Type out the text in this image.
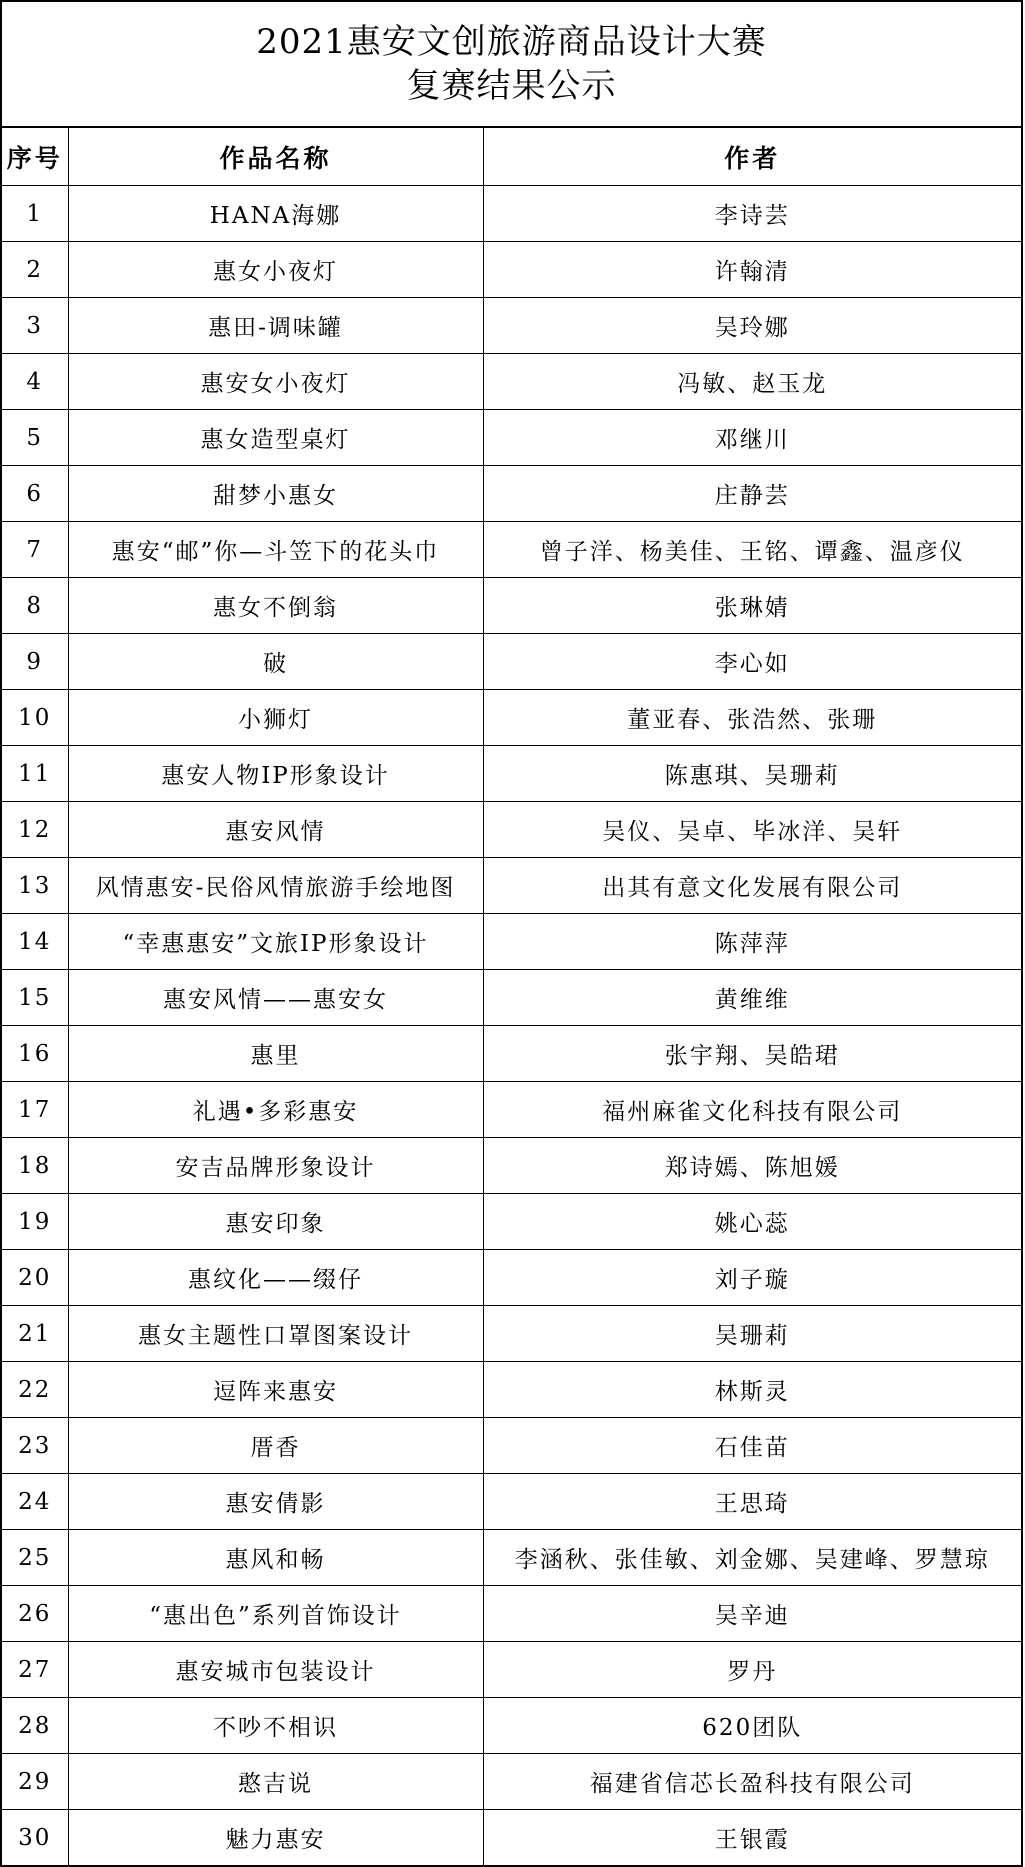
2021惠安文创旅游商品设计大赛
复赛结果公示
序号	作品名称	作者
1	HANA海娜	李诗芸
2	惠女小夜灯	许翰清
3	惠田-调味罐	吴玲娜
4	惠安女小夜灯	冯敏、赵玉龙
5	惠女造型桌灯	邓继川
6	甜梦小惠女	庄静芸
7	惠安“邮”你—斗笠下的花头巾	曾子洋、杨美佳、王铭、谭鑫、温彦仪
8	惠女不倒翁	张琳婧
9	破	李心如
10	小狮灯	董亚春、张浩然、张珊
11	惠安人物IP形象设计	陈惠琪、吴珊莉
12	惠安风情	吴仪、吴卓、毕冰洋、吴轩
13	风情惠安-民俗风情旅游手绘地图	出其有意文化发展有限公司
14	“幸惠惠安”文旅IP形象设计	陈萍萍
15	惠安风情——惠安女	黄维维
16	惠里	张宇翔、吴皓珺
17	礼遇•多彩惠安	福州麻雀文化科技有限公司
18	安吉品牌形象设计	郑诗嫣、陈旭媛
19	惠安印象	姚心蕊
20	惠纹化——缀仔	刘子璇
21	惠女主题性口罩图案设计	吴珊莉
22	逗阵来惠安	林斯灵
23	厝香	石佳苗
24	惠安倩影	王思琦
25	惠风和畅	李涵秋、张佳敏、刘金娜、吴建峰、罗慧琼
26	“惠出色”系列首饰设计	吴辛迪
27	惠安城市包装设计	罗丹
28	不吵不相识	620团队
29	憨吉说	福建省信芯长盈科技有限公司
30	魅力惠安	王银霞
